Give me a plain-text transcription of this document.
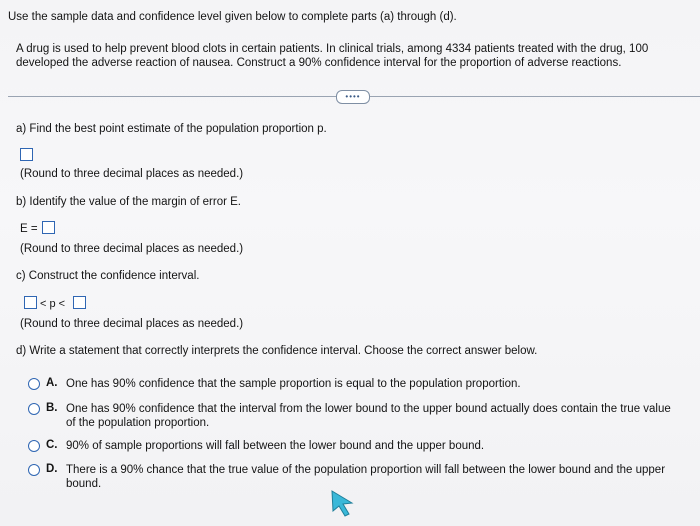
Use the sample data and confidence level given below to complete parts (a) through (d).
A drug is used to help prevent blood clots in certain patients. In clinical trials, among 4334 patients treated with the drug, 100
developed the adverse reaction of nausea. Construct a 90% confidence interval for the proportion of adverse reactions.
••••
a) Find the best point estimate of the population proportion p.
(Round to three decimal places as needed.)
b) Identify the value of the margin of error E.
E =
(Round to three decimal places as needed.)
c) Construct the confidence interval.
< p <
(Round to three decimal places as needed.)
d) Write a statement that correctly interprets the confidence interval. Choose the correct answer below.
A. One has 90% confidence that the sample proportion is equal to the population proportion.
B. One has 90% confidence that the interval from the lower bound to the upper bound actually does contain the true value
of the population proportion.
C. 90% of sample proportions will fall between the lower bound and the upper bound.
D. There is a 90% chance that the true value of the population proportion will fall between the lower bound and the upper
bound.
